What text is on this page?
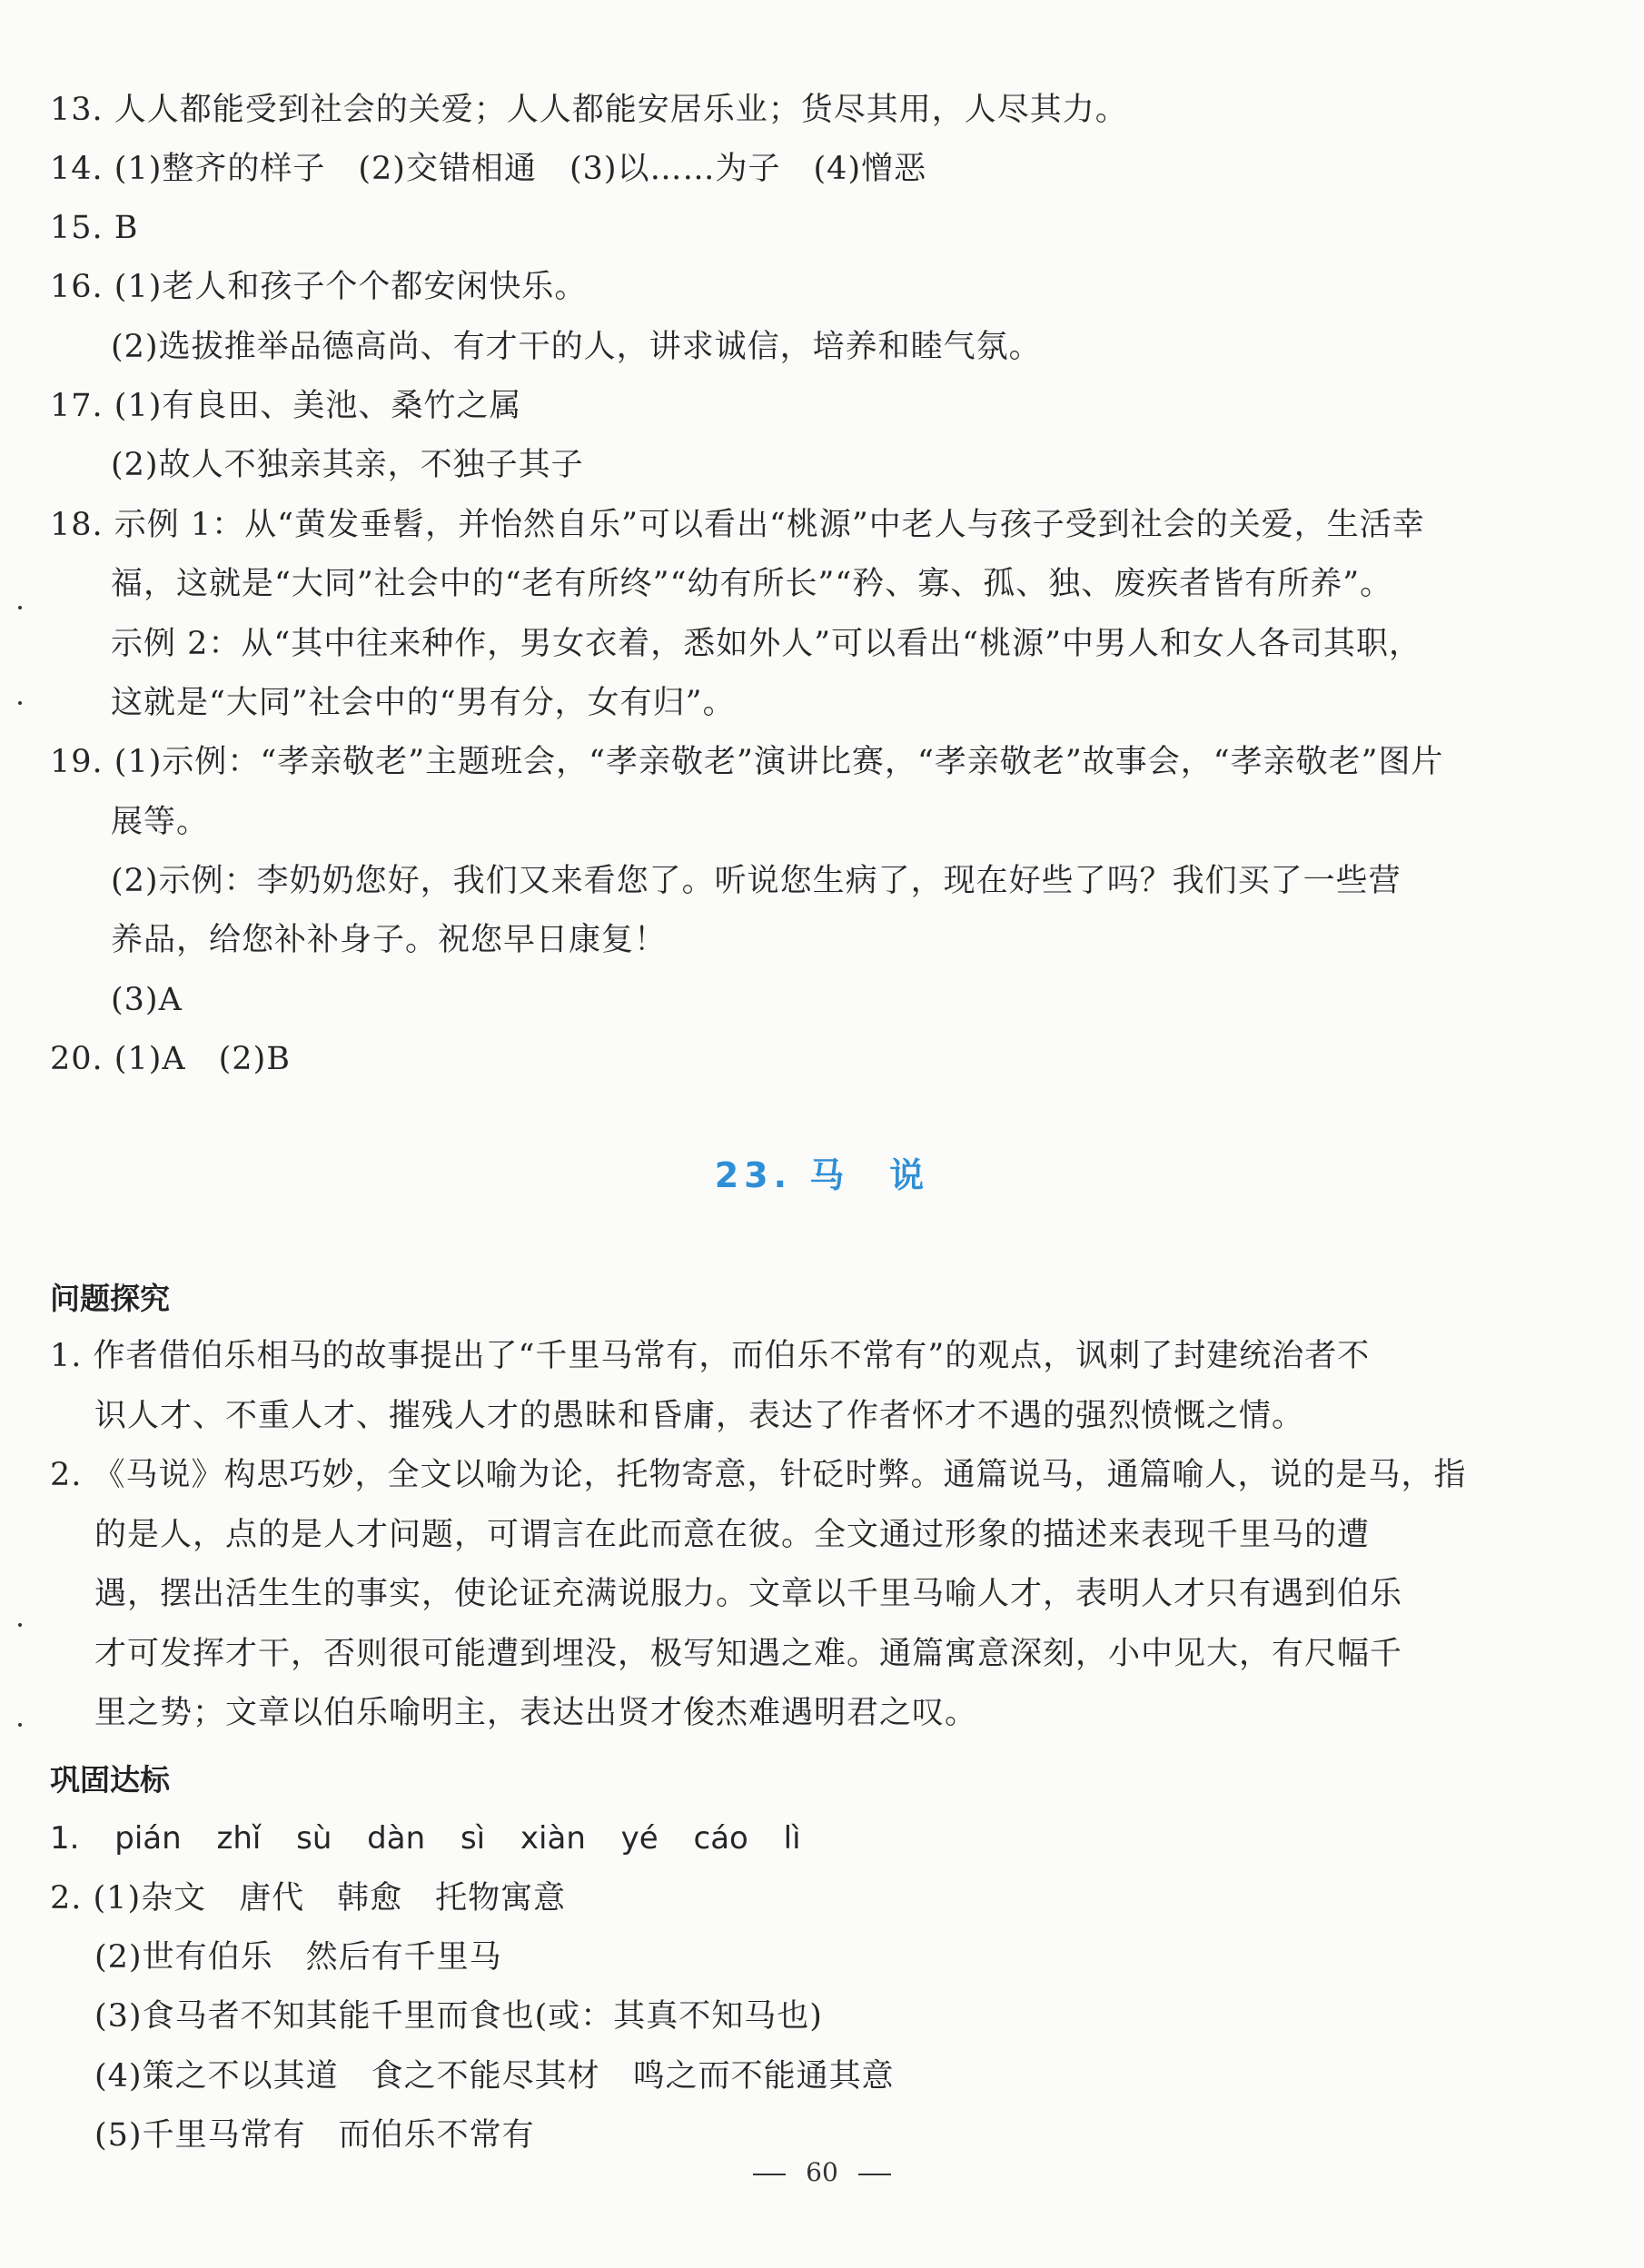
13. 人人都能受到社会的关爱；人人都能安居乐业；货尽其用，人尽其力。
14. (1)整齐的样子　(2)交错相通　(3)以……为子　(4)憎恶
15. B
16. (1)老人和孩子个个都安闲快乐。
(2)选拔推举品德高尚、有才干的人，讲求诚信，培养和睦气氛。
17. (1)有良田、美池、桑竹之属
(2)故人不独亲其亲，不独子其子
18. 示例 1：从“黄发垂髫，并怡然自乐”可以看出“桃源”中老人与孩子受到社会的关爱，生活幸
福，这就是“大同”社会中的“老有所终”“幼有所长”“矜、寡、孤、独、废疾者皆有所养”。
示例 2：从“其中往来种作，男女衣着，悉如外人”可以看出“桃源”中男人和女人各司其职，
这就是“大同”社会中的“男有分，女有归”。
19. (1)示例：“孝亲敬老”主题班会，“孝亲敬老”演讲比赛，“孝亲敬老”故事会，“孝亲敬老”图片
展等。
(2)示例：李奶奶您好，我们又来看您了。听说您生病了，现在好些了吗？我们买了一些营
养品，给您补补身子。祝您早日康复！
(3)A
20. (1)A　(2)B
23. 马　说
问题探究
1. 作者借伯乐相马的故事提出了“千里马常有，而伯乐不常有”的观点，讽刺了封建统治者不
识人才、不重人才、摧残人才的愚昧和昏庸，表达了作者怀才不遇的强烈愤慨之情。
2. 《马说》构思巧妙，全文以喻为论，托物寄意，针砭时弊。通篇说马，通篇喻人，说的是马，指
的是人，点的是人才问题，可谓言在此而意在彼。全文通过形象的描述来表现千里马的遭
遇，摆出活生生的事实，使论证充满说服力。文章以千里马喻人才，表明人才只有遇到伯乐
才可发挥才干，否则很可能遭到埋没，极写知遇之难。通篇寓意深刻，小中见大，有尺幅千
里之势；文章以伯乐喻明主，表达出贤才俊杰难遇明君之叹。
巩固达标
1. pián zhǐ sù dàn sì xiàn yé cáo lì
2. (1)杂文　唐代　韩愈　托物寓意
(2)世有伯乐　然后有千里马
(3)食马者不知其能千里而食也(或：其真不知马也)
(4)策之不以其道　食之不能尽其材　鸣之而不能通其意
(5)千里马常有　而伯乐不常有
60
